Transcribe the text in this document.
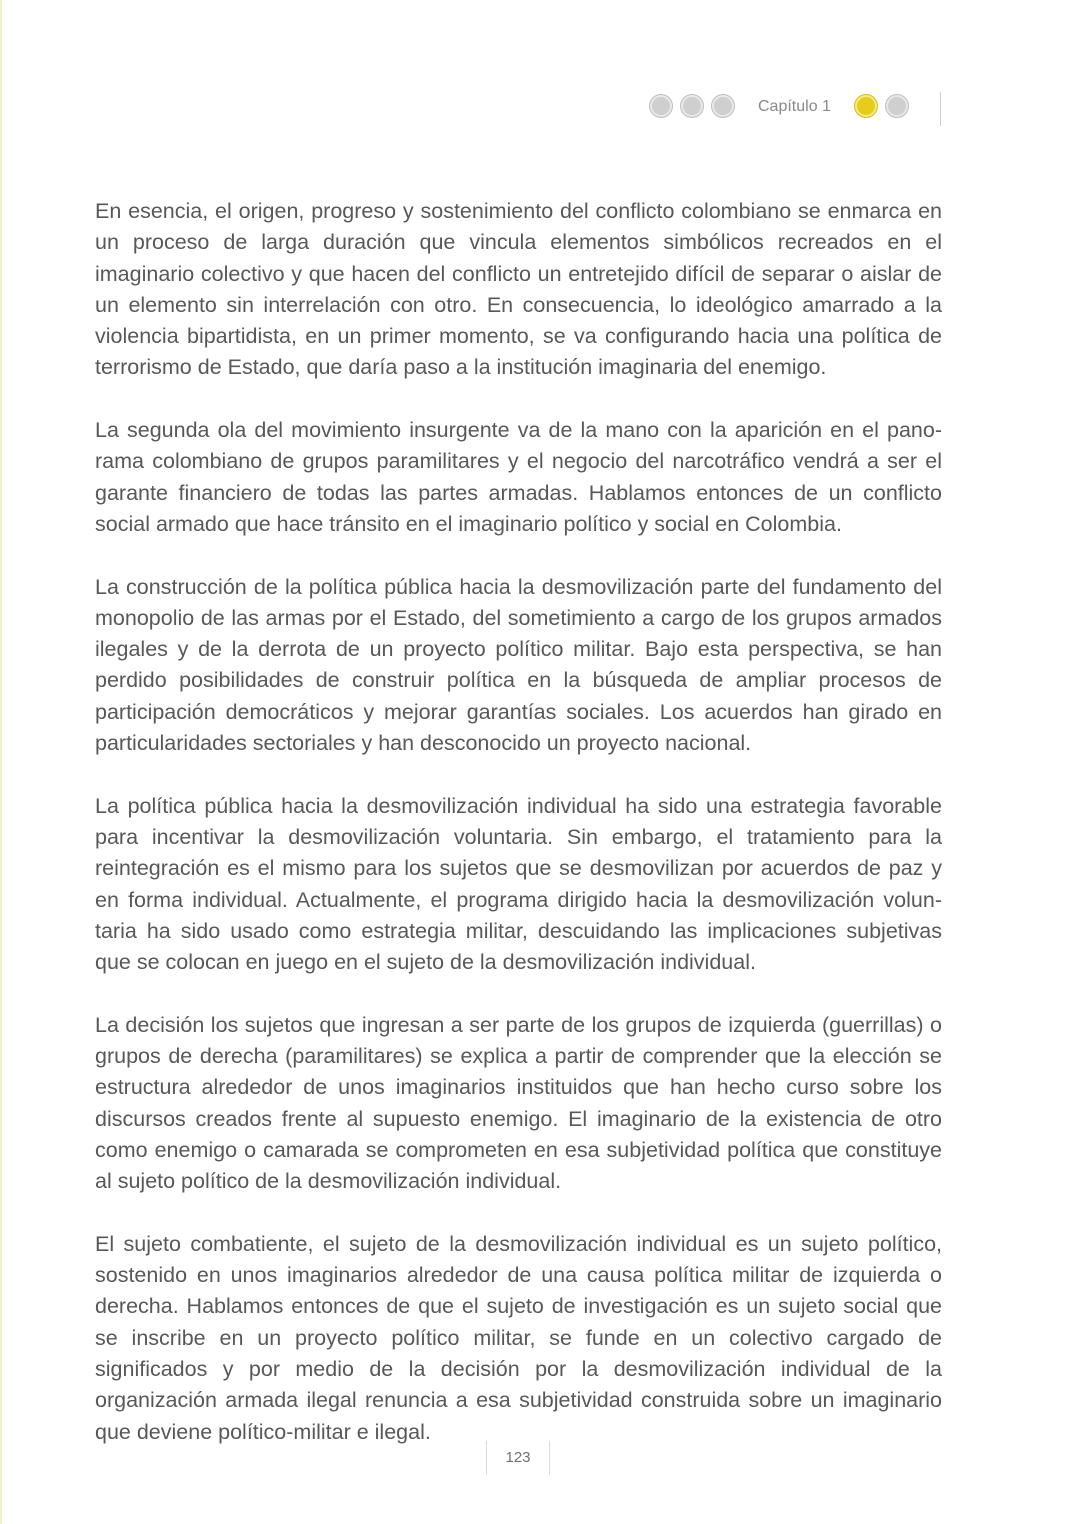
Capítulo 1

En esencia, el origen, progreso y sostenimiento del conflicto colombiano se enmarca en un proceso de larga duración que vincula elementos simbólicos recreados en el imaginario colectivo y que hacen del conflicto un entretejido difícil de separar o aislar de un elemento sin interrelación con otro. En consecuencia, lo ideológico amarrado a la violencia bipartidista, en un primer momento, se va configurando hacia una política de terrorismo de Estado, que daría paso a la institución imaginaria del enemigo.

La segunda ola del movimiento insurgente va de la mano con la aparición en el panorama colombiano de grupos paramilitares y el negocio del narcotráfico vendrá a ser el garante financiero de todas las partes armadas. Hablamos entonces de un conflicto social armado que hace tránsito en el imaginario político y social en Colombia.

La construcción de la política pública hacia la desmovilización parte del fundamento del monopolio de las armas por el Estado, del sometimiento a cargo de los grupos armados ilegales y de la derrota de un proyecto político militar. Bajo esta perspectiva, se han perdido posibilidades de construir política en la búsqueda de ampliar procesos de participación democráticos y mejorar garantías sociales. Los acuerdos han girado en particularidades sectoriales y han desconocido un proyecto nacional.

La política pública hacia la desmovilización individual ha sido una estrategia favorable para incentivar la desmovilización voluntaria. Sin embargo, el tratamiento para la reintegración es el mismo para los sujetos que se desmovilizan por acuerdos de paz y en forma individual. Actualmente, el programa dirigido hacia la desmovilización voluntaria ha sido usado como estrategia militar, descuidando las implicaciones subjetivas que se colocan en juego en el sujeto de la desmovilización individual.

La decisión los sujetos que ingresan a ser parte de los grupos de izquierda (guerrillas) o grupos de derecha (paramilitares) se explica a partir de comprender que la elección se estructura alrededor de unos imaginarios instituidos que han hecho curso sobre los discursos creados frente al supuesto enemigo. El imaginario de la existencia de otro como enemigo o camarada se comprometen en esa subjetividad política que constituye al sujeto político de la desmovilización individual.

El sujeto combatiente, el sujeto de la desmovilización individual es un sujeto político, sostenido en unos imaginarios alrededor de una causa política militar de izquierda o derecha. Hablamos entonces de que el sujeto de investigación es un sujeto social que se inscribe en un proyecto político militar, se funde en un colectivo cargado de significados y por medio de la decisión por la desmovilización individual de la organización armada ilegal renuncia a esa subjetividad construida sobre un imaginario que deviene político-militar e ilegal.

123
